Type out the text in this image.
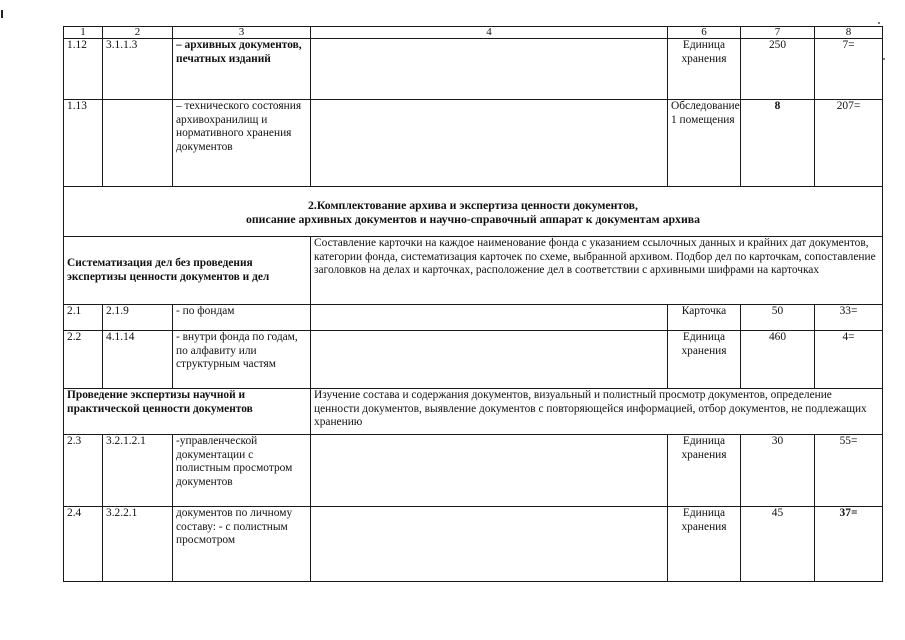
1	2	3	4	6	7	8
1.12	3.1.1.3	– архивных документов, печатных изданий		Единица хранения	250	7=
1.13		– технического состояния архивохранилищ и нормативного хранения документов		Обследование 1 помещения	8	207=

2.Комплектование архива и экспертиза ценности документов,
описание архивных документов и научно-справочный аппарат к документам архива						

Систематизация дел без проведения экспертизы ценности документов и дел			Составление карточки на каждое наименование фонда с указанием ссылочных данных и крайних дат документов, категории фонда, систематизация карточек по схеме, выбранной архивом. Подбор дел по карточкам, сопоставление заголовков на делах и карточках, расположение дел в соответствии с архивными шифрами на карточках			
2.1	2.1.9	- по фондам		Карточка	50	33=
2.2	4.1.14	- внутри фонда по годам, по алфавиту или структурным частям		Единица хранения	460	4=
Проведение экспертизы научной и практической ценности документов			Изучение состава и содержания документов, визуальный и полистный просмотр документов, определение ценности документов, выявление документов с повторяющейся информацией, отбор документов, не подлежащих хранению			
2.3	3.2.1.2.1	-управленческой документации с полистным просмотром документов		Единица хранения	30	55=
2.4	3.2.2.1	документов по личному составу: - с полистным просмотром		Единица хранения	45	37=
